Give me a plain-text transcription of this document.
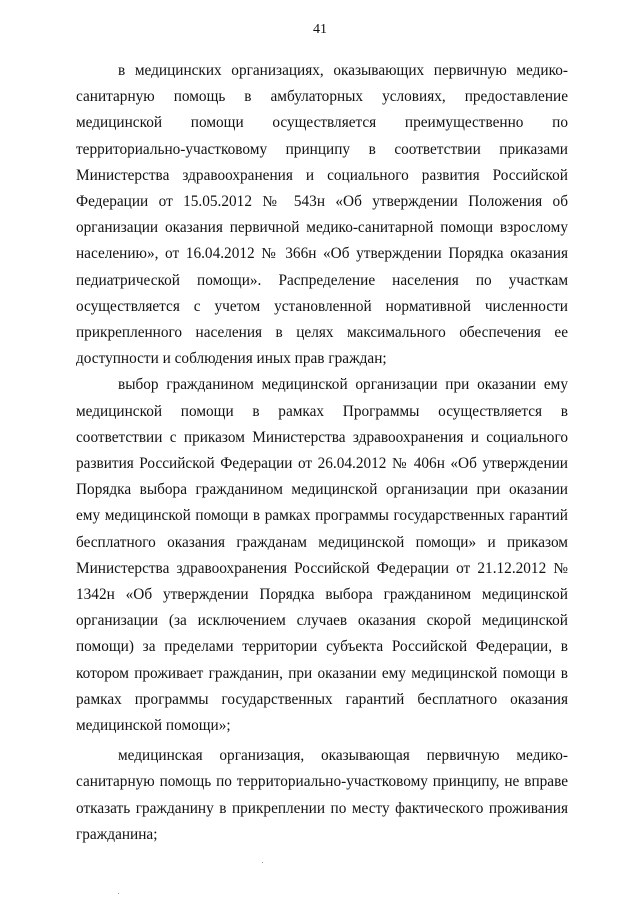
41

в медицинских организациях, оказывающих первичную медико-санитарную помощь в амбулаторных условиях, предоставление медицинской помощи осуществляется преимущественно по территориально-участковому принципу в соответствии приказами Министерства здравоохранения и социального развития Российской Федерации от 15.05.2012 № 543н «Об утверждении Положения об организации оказания первичной медико-санитарной помощи взрослому населению», от 16.04.2012 № 366н «Об утверждении Порядка оказания педиатрической помощи». Распределение населения по участкам осуществляется с учетом установленной нормативной численности прикрепленного населения в целях максимального обеспечения ее доступности и соблюдения иных прав граждан;

выбор гражданином медицинской организации при оказании ему медицинской помощи в рамках Программы осуществляется в соответствии с приказом Министерства здравоохранения и социального развития Российской Федерации от 26.04.2012 № 406н «Об утверждении Порядка выбора гражданином медицинской организации при оказании ему медицинской помощи в рамках программы государственных гарантий бесплатного оказания гражданам медицинской помощи» и приказом Министерства здравоохранения Российской Федерации от 21.12.2012 № 1342н «Об утверждении Порядка выбора гражданином медицинской организации (за исключением случаев оказания скорой медицинской помощи) за пределами территории субъекта Российской Федерации, в котором проживает гражданин, при оказании ему медицинской помощи в рамках программы государственных гарантий бесплатного оказания медицинской помощи»;

медицинская организация, оказывающая первичную медико-санитарную помощь по территориально-участковому принципу, не вправе отказать гражданину в прикреплении по месту фактического проживания гражданина;
